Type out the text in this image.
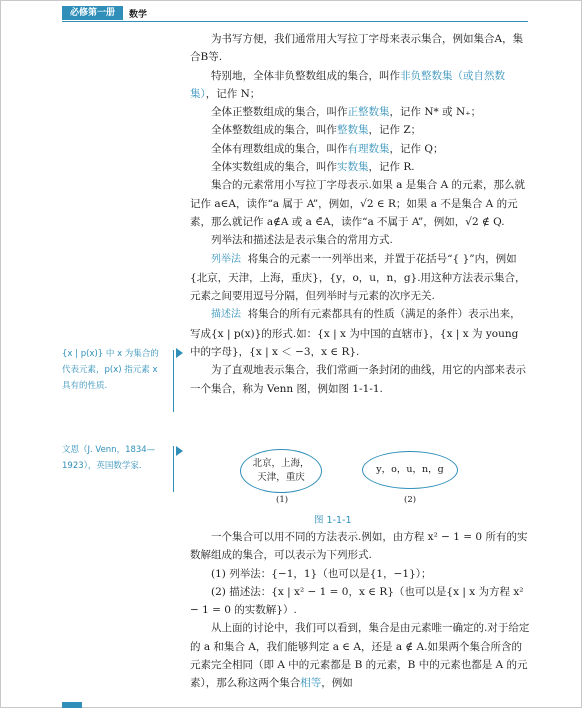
必修第一册	数学

为书写方便，我们通常用大写拉丁字母来表示集合，例如集合A，集合B等.

特别地，全体非负整数组成的集合，叫作非负整数集（或自然数集），记作 N；

全体正整数组成的集合，叫作正整数集，记作 N* 或 N₊；

全体整数组成的集合，叫作整数集，记作 Z；

全体有理数组成的集合，叫作有理数集，记作 Q；

全体实数组成的集合，叫作实数集，记作 R.

集合的元素常用小写拉丁字母表示.如果 a 是集合 A 的元素，那么就记作 a∈A，读作“a 属于 A”，例如，√2 ∈ R；如果 a 不是集合 A 的元素，那么就记作 a∉A 或 a ∈̄A，读作“a 不属于 A”，例如，√2 ∉ Q.

列举法和描述法是表示集合的常用方式.

列举法 将集合的元素一一列举出来，并置于花括号“{ }”内，例如{北京，天津，上海，重庆}，{y，o，u，n，g}.用这种方法表示集合，元素之间要用逗号分隔，但列举时与元素的次序无关.

描述法 将集合的所有元素都具有的性质（满足的条件）表示出来，写成{x | p(x)}的形式.如：{x | x 为中国的直辖市}，{x | x 为 young 中的字母}，{x | x ＜ −3，x ∈ R}.

为了直观地表示集合，我们常画一条封闭的曲线，用它的内部来表示一个集合，称为 Venn 图，例如图 1-1-1.

{x | p(x)} 中 x 为集合的代表元素，p(x) 指元素 x 具有的性质.
文恩（J. Venn，1834—1923），英国数学家.	北京，上海，天津，重庆
y，o，u，n，g
(1)	(2)
图 1-1-1

一个集合可以用不同的方法表示.例如，由方程 x² − 1 = 0 所有的实数解组成的集合，可以表示为下列形式.

(1) 列举法：{−1，1}（也可以是{1，−1}）；

(2) 描述法：{x | x² − 1 = 0，x ∈ R}（也可以是{x | x 为方程 x² − 1 = 0 的实数解}）.

从上面的讨论中，我们可以看到，集合是由元素唯一确定的.对于给定的 a 和集合 A，我们能够判定 a ∈ A，还是 a ∉ A.如果两个集合所含的元素完全相同（即 A 中的元素都是 B 的元素，B 中的元素也都是 A 的元素），那么称这两个集合相等，例如
